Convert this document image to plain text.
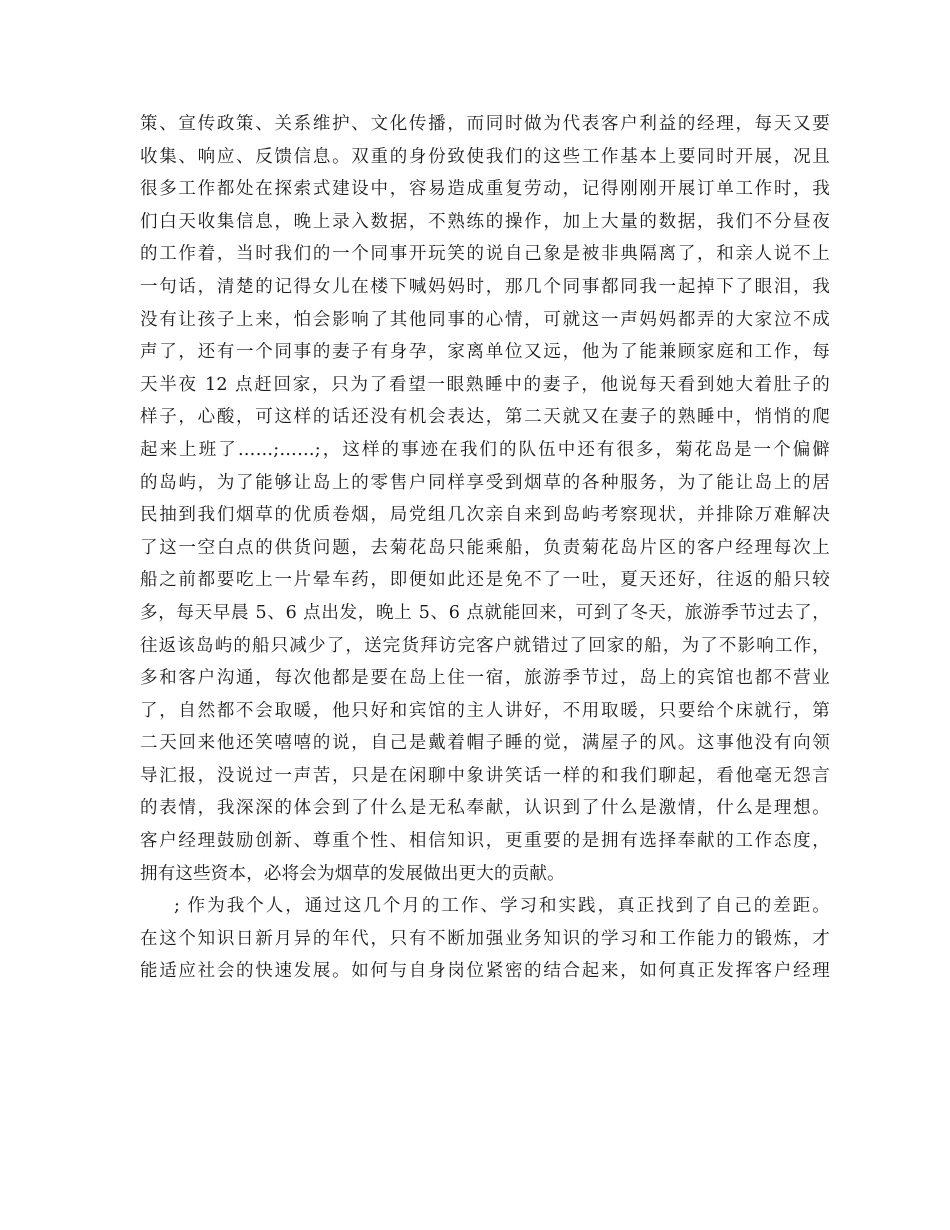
策、宣传政策、关系维护、文化传播，而同时做为代表客户利益的经理，每天又要
收集、响应、反馈信息。双重的身份致使我们的这些工作基本上要同时开展，况且
很多工作都处在探索式建设中，容易造成重复劳动，记得刚刚开展订单工作时，我
们白天收集信息，晚上录入数据，不熟练的操作，加上大量的数据，我们不分昼夜
的工作着，当时我们的一个同事开玩笑的说自己象是被非典隔离了，和亲人说不上
一句话，清楚的记得女儿在楼下喊妈妈时，那几个同事都同我一起掉下了眼泪，我
没有让孩子上来，怕会影响了其他同事的心情，可就这一声妈妈都弄的大家泣不成
声了，还有一个同事的妻子有身孕，家离单位又远，他为了能兼顾家庭和工作，每
天半夜 12 点赶回家，只为了看望一眼熟睡中的妻子，他说每天看到她大着肚子的
样子，心酸，可这样的话还没有机会表达，第二天就又在妻子的熟睡中，悄悄的爬
起来上班了……;……;，这样的事迹在我们的队伍中还有很多，菊花岛是一个偏僻
的岛屿，为了能够让岛上的零售户同样享受到烟草的各种服务，为了能让岛上的居
民抽到我们烟草的优质卷烟，局党组几次亲自来到岛屿考察现状，并排除万难解决
了这一空白点的供货问题，去菊花岛只能乘船，负责菊花岛片区的客户经理每次上
船之前都要吃上一片晕车药，即便如此还是免不了一吐，夏天还好，往返的船只较
多，每天早晨 5、6 点出发，晚上 5、6 点就能回来，可到了冬天，旅游季节过去了，
往返该岛屿的船只减少了，送完货拜访完客户就错过了回家的船，为了不影响工作，
多和客户沟通，每次他都是要在岛上住一宿，旅游季节过，岛上的宾馆也都不营业
了，自然都不会取暖，他只好和宾馆的主人讲好，不用取暖，只要给个床就行，第
二天回来他还笑嘻嘻的说，自己是戴着帽子睡的觉，满屋子的风。这事他没有向领
导汇报，没说过一声苦，只是在闲聊中象讲笑话一样的和我们聊起，看他毫无怨言
的表情，我深深的体会到了什么是无私奉献，认识到了什么是激情，什么是理想。
客户经理鼓励创新、尊重个性、相信知识，更重要的是拥有选择奉献的工作态度，
拥有这些资本，必将会为烟草的发展做出更大的贡献。
; 作为我个人，通过这几个月的工作、学习和实践，真正找到了自己的差距。
在这个知识日新月异的年代，只有不断加强业务知识的学习和工作能力的锻炼，才
能适应社会的快速发展。如何与自身岗位紧密的结合起来，如何真正发挥客户经理
